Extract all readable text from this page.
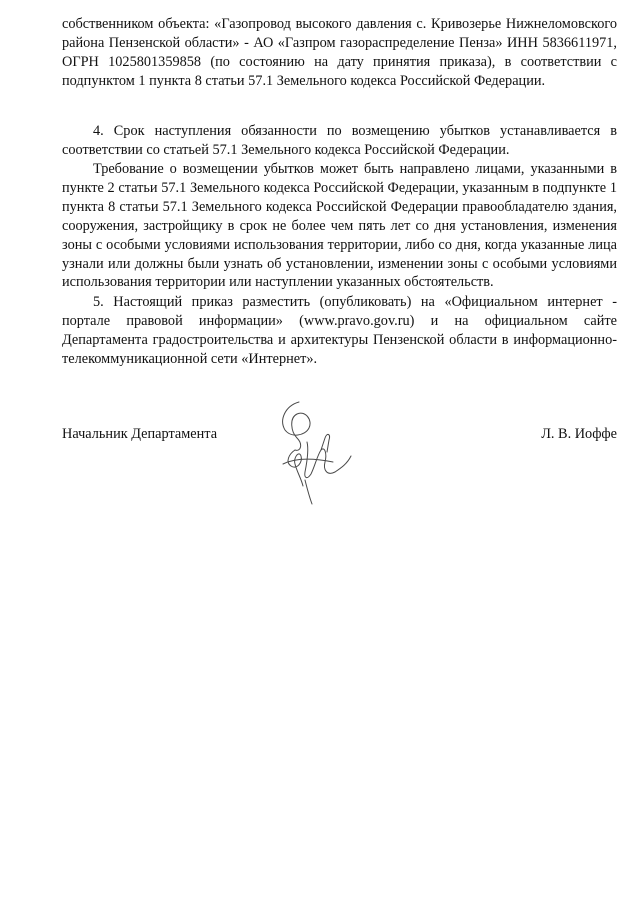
собственником объекта: «Газопровод высокого давления с. Кривозерье Нижнеломовского района Пензенской области» - АО «Газпром газораспределение Пенза» ИНН 5836611971, ОГРН 1025801359858 (по состоянию на дату принятия приказа), в соответствии с подпунктом 1 пункта 8 статьи 57.1 Земельного кодекса Российской Федерации.

4. Срок наступления обязанности по возмещению убытков устанавливается в соответствии со статьей 57.1 Земельного кодекса Российской Федерации.

Требование о возмещении убытков может быть направлено лицами, указанными в пункте 2 статьи 57.1 Земельного кодекса Российской Федерации, указанным в подпункте 1 пункта 8 статьи 57.1 Земельного кодекса Российской Федерации правообладателю здания, сооружения, застройщику в срок не более чем пять лет со дня установления, изменения зоны с особыми условиями использования территории, либо со дня, когда указанные лица узнали или должны были узнать об установлении, изменении зоны с особыми условиями использования территории или наступлении указанных обстоятельств.

5. Настоящий приказ разместить (опубликовать) на «Официальном интернет - портале правовой информации» (www.pravo.gov.ru) и на официальном сайте Департамента градостроительства и архитектуры Пензенской области в информационно-телекоммуникационной сети «Интернет».

Начальник Департамента	Л. В. Иоффе
